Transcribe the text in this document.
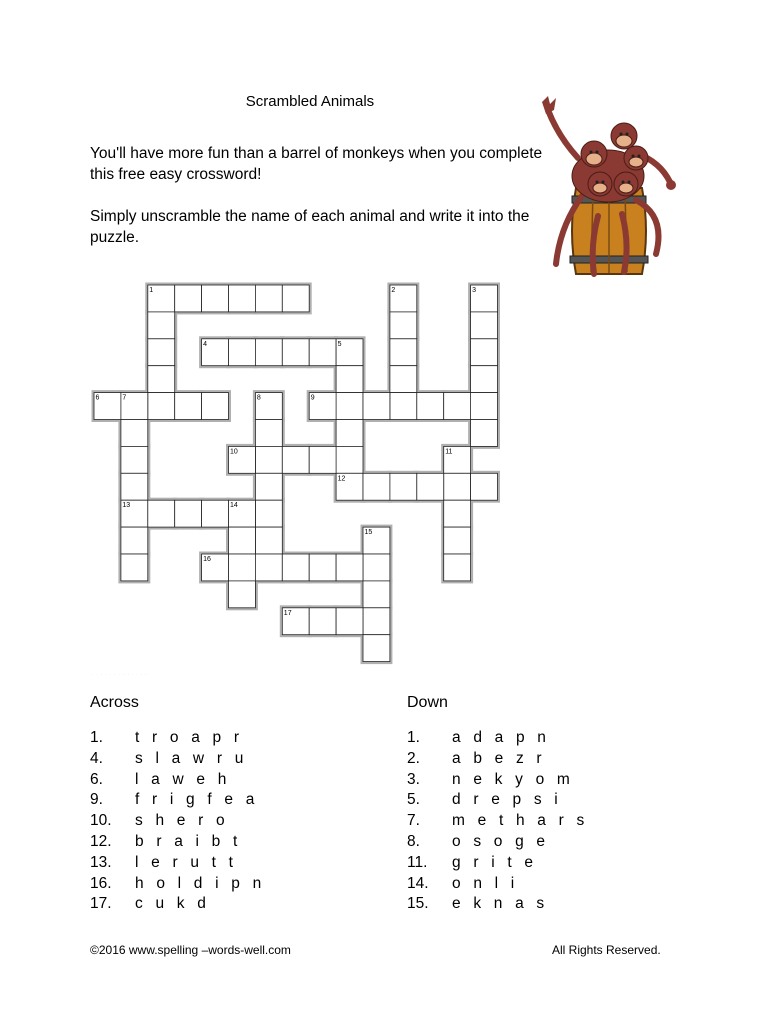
Scrambled Animals
You'll have more fun than a barrel of monkeys when you complete this free easy crossword!
Simply unscramble the name of each animal and write it into the puzzle.
1	2	3
4	5
6	7	8	9
10	11
12
13	14
15
16
17
· · · · · · · · · · · · ·
Across	Down
1. t r o a p r
4. s l a w r u
6. l a w e h
9. f r i g f e a
10. s h e r o
12. b r a i b t
13. l e r u t t
16. h o l d i p n
17. c u k d
1. a d a p n
2. a b e z r
3. n e k y o m
5. d r e p s i
7. m e t h a r s
8. o s o g e
11. g r i t e
14. o n l i
15. e k n a s
©2016 www.spelling –words-well.com	All Rights Reserved.
